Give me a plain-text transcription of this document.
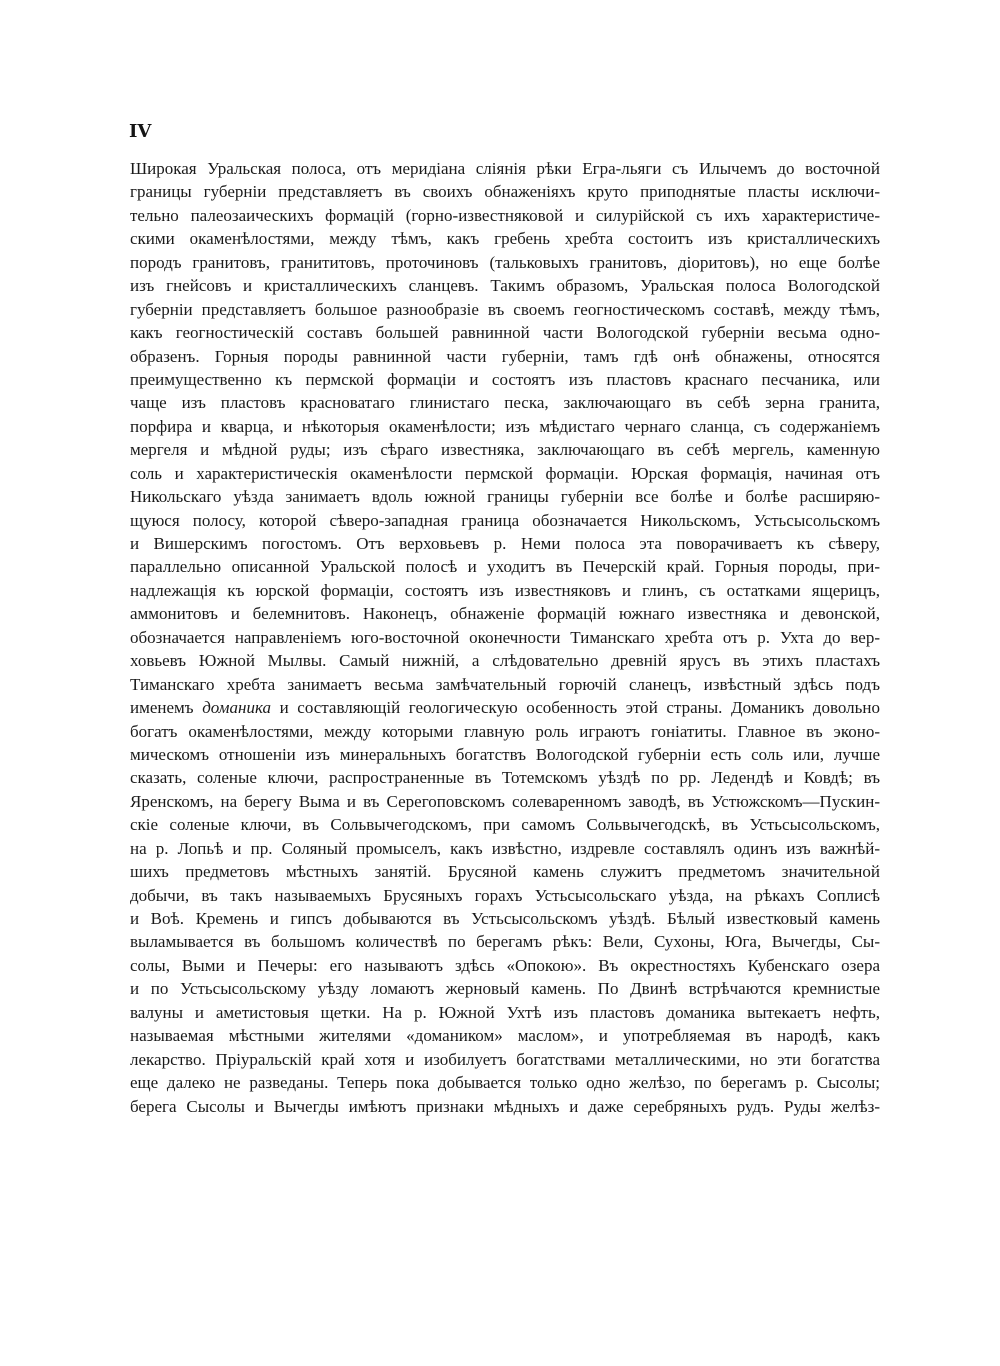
IV
Широкая Уральская полоса, отъ меридіана сліянія рѣки Егра-льяги съ Илычемъ до восточной
границы губерніи представляетъ въ своихъ обнаженіяхъ круто приподнятые пласты исключи-
тельно палеозаическихъ формацій (горно-известняковой и силурійской съ ихъ характеристиче-
скими окаменѣлостями, между тѣмъ, какъ гребень хребта состоитъ изъ кристаллическихъ
породъ гранитовъ, гранититовъ, проточиновъ (тальковыхъ гранитовъ, діоритовъ), но еще болѣе
изъ гнейсовъ и кристаллическихъ сланцевъ. Такимъ образомъ, Уральская полоса Вологодской
губерніи представляетъ большое разнообразіе въ своемъ геогностическомъ составѣ, между тѣмъ,
какъ геогностическій составъ большей равнинной части Вологодской губерніи весьма одно-
образенъ. Горныя породы равнинной части губерніи, тамъ гдѣ онѣ обнажены, относятся
преимущественно къ пермской формаціи и состоятъ изъ пластовъ краснаго песчаника, или
чаще изъ пластовъ красноватаго глинистаго песка, заключающаго въ себѣ зерна гранита,
порфира и кварца, и нѣкоторыя окаменѣлости; изъ мѣдистаго чернаго сланца, съ содержаніемъ
мергеля и мѣдной руды; изъ сѣраго известняка, заключающаго въ себѣ мергель, каменную
соль и характеристическія окаменѣлости пермской формаціи. Юрская формація, начиная отъ
Никольскаго уѣзда занимаетъ вдоль южной границы губерніи все болѣе и болѣе расширяю-
щуюся полосу, которой сѣверо-западная граница обозначается Никольскомъ, Устьсысольскомъ
и Вишерскимъ погостомъ. Отъ верховьевъ р. Неми полоса эта поворачиваетъ къ сѣверу,
параллельно описанной Уральской полосѣ и уходитъ въ Печерскій край. Горныя породы, при-
надлежащія къ юрской формаціи, состоятъ изъ известняковъ и глинъ, съ остатками ящерицъ,
аммонитовъ и белемнитовъ. Наконецъ, обнаженіе формацій южнаго известняка и девонской,
обозначается направленіемъ юго-восточной оконечности Тиманскаго хребта отъ р. Ухта до вер-
ховьевъ Южной Мылвы. Самый нижній, а слѣдовательно древній ярусъ въ этихъ пластахъ
Тиманскаго хребта занимаетъ весьма замѣчательный горючій сланецъ, извѣстный здѣсь подъ
именемъ доманика и составляющій геологическую особенность этой страны. Доманикъ довольно
богатъ окаменѣлостями, между которыми главную роль играютъ гоніатиты. Главное въ эконо-
мическомъ отношеніи изъ минеральныхъ богатствъ Вологодской губерніи есть соль или, лучше
сказать, соленые ключи, распространенные въ Тотемскомъ уѣздѣ по рр. Ледендѣ и Ковдѣ; въ
Яренскомъ, на берегу Выма и въ Серегоповскомъ солеваренномъ заводѣ, въ Устюжскомъ—Пускин-
скіе соленые ключи, въ Сольвычегодскомъ, при самомъ Сольвычегодскѣ, въ Устьсысольскомъ,
на р. Лопьѣ и пр. Соляный промыселъ, какъ извѣстно, издревле составлялъ одинъ изъ важнѣй-
шихъ предметовъ мѣстныхъ занятій. Брусяной камень служитъ предметомъ значительной
добычи, въ такъ называемыхъ Брусяныхъ горахъ Устьсысольскаго уѣзда, на рѣкахъ Соплисѣ
и Воѣ. Кремень и гипсъ добываются въ Устьсысольскомъ уѣздѣ. Бѣлый известковый камень
выламывается въ большомъ количествѣ по берегамъ рѣкъ: Вели, Сухоны, Юга, Вычегды, Сы-
солы, Выми и Печеры: его называютъ здѣсь «Опокою». Въ окрестностяхъ Кубенскаго озера
и по Устьсысольскому уѣзду ломаютъ жерновый камень. По Двинѣ встрѣчаются кремнистые
валуны и аметистовыя щетки. На р. Южной Ухтѣ изъ пластовъ доманика вытекаетъ нефть,
называемая мѣстными жителями «домаником» маслом», и употребляемая въ народѣ, какъ
лекарство. Пріуральскій край хотя и изобилуетъ богатствами металлическими, но эти богатства
еще далеко не разведаны. Теперь пока добывается только одно желѣзо, по берегамъ р. Сысолы;
берега Сысолы и Вычегды имѣютъ признаки мѣдныхъ и даже серебряныхъ рудъ. Руды желѣз-
